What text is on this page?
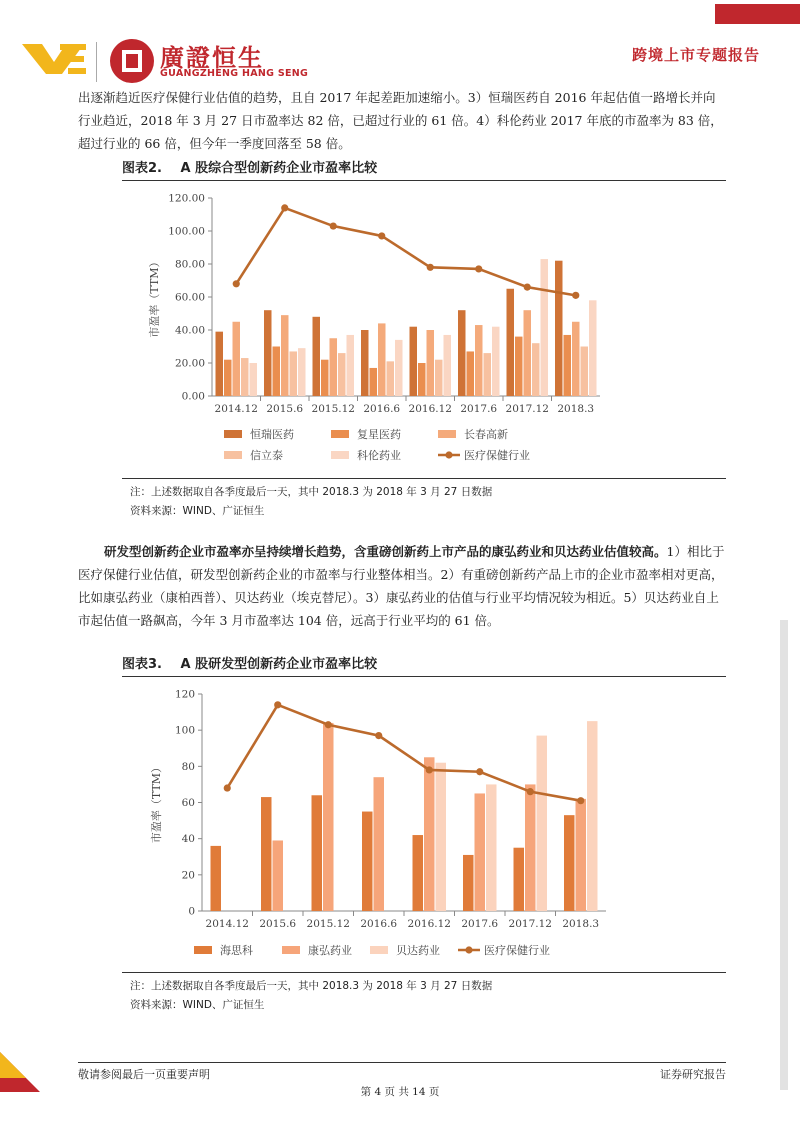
廣證恒生
GUANGZHENG HANG SENG
跨境上市专题报告

出逐渐趋近医疗保健行业估值的趋势，且自 2017 年起差距加速缩小。3）恒瑞医药自 2016 年起估值一路增长并向行业趋近，2018 年 3 月 27 日市盈率达 82 倍，已超过行业的 61 倍。4）科伦药业 2017 年底的市盈率为 83 倍，超过行业的 66 倍，但今年一季度回落至 58 倍。

图表2. A 股综合型创新药企业市盈率比较
0.00
20.00
40.00
60.00
80.00
100.00
120.00
市盈率（TTM）
2014.12 2015.6 2015.12 2016.6 2016.12 2017.6 2017.12 2018.3
恒瑞医药	复星医药	长春高新
信立泰	科伦药业	医疗保健行业
注：上述数据取自各季度最后一天，其中 2018.3 为 2018 年 3 月 27 日数据
资料来源：WIND、广证恒生

研发型创新药企业市盈率亦呈持续增长趋势，含重磅创新药上市产品的康弘药业和贝达药业估值较高。1）相比于医疗保健行业估值，研发型创新药企业的市盈率与行业整体相当。2）有重磅创新药产品上市的企业市盈率相对更高，比如康弘药业（康柏西普）、贝达药业（埃克替尼）。3）康弘药业的估值与行业平均情况较为相近。5）贝达药业自上市起估值一路飙高，今年 3 月市盈率达 104 倍，远高于行业平均的 61 倍。

图表3. A 股研发型创新药企业市盈率比较
0
20
40
60
80
100
120
市盈率（TTM）
2014.12 2015.6 2015.12 2016.6 2016.12 2017.6 2017.12 2018.3
海思科	康弘药业	贝达药业	医疗保健行业
注：上述数据取自各季度最后一天，其中 2018.3 为 2018 年 3 月 27 日数据
资料来源：WIND、广证恒生
敬请参阅最后一页重要声明	证券研究报告
第 4 页 共 14 页
